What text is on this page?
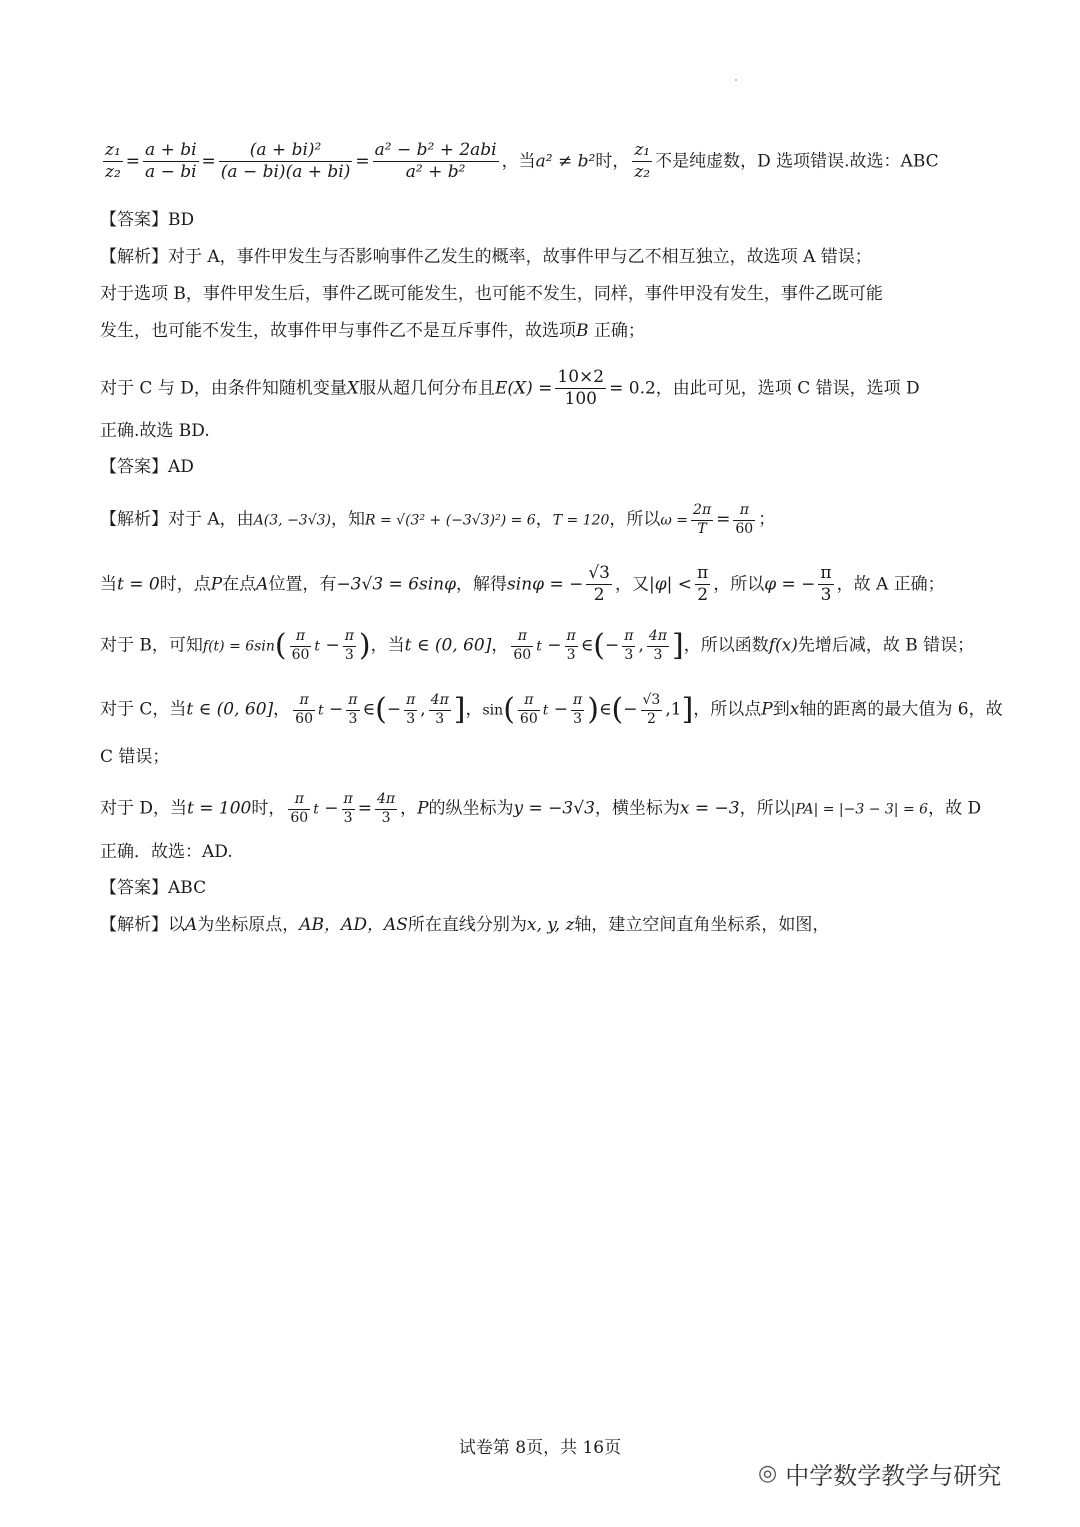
$\frac{\text{z₁}}{\text{z₂}} = \frac{a + bi}{a - bi} = \frac{\text{(a + bi)²}}{(a - bi)(a + bi)} = \frac{\text{a² − b² + 2abi}}{\text{a² + b²}}$ ，当a² ≠ b²时， $\frac{\text{z₁}}{\text{z₂}}$ 不是纯虚数，D 选项错误.故选：ABC
【答案】BD
【解析】对于 A，事件甲发生与否影响事件乙发生的概率，故事件甲与乙不相互独立，故选项 A 错误；
对于选项 B，事件甲发生后，事件乙既可能发生，也可能不发生，同样，事件甲没有发生，事件乙既可能
发生，也可能不发生，故事件甲与事件乙不是互斥事件，故选项B 正确；
对于 C 与 D，由条件知随机变量X服从超几何分布且$E(X) = \frac{10\times 2}{100} = 0.2$，由此可见，选项 C 错误，选项 D
正确.故选 BD.
【答案】AD
【解析】对于 A，由A(3, −3√3)，知R = √(3² + (−3√3)²) = 6，T = 120，所以$\omega = \frac{2\pi}{T} = \frac{\pi}{60}$ ；
当t = 0时，点P在点A位置，有−3√3 = 6sinφ，解得sinφ = − $\frac{√3}{2}$ ，又$|\varphi| < \frac{\pi}{2}$ ，所以φ = − $\frac{\pi}{3}$ ，故 A 正确；
对于 B，可知$f(t) = 6\sin( \frac{\pi}{60}$ $t - \frac{\pi}{3}$ )，当t ∈ (0, 60]， $\frac{\pi}{60}$ $t - \frac{\pi}{3}$ ∈(− $\frac{\pi}{3}$ , $\frac{4\pi}{3}$ ]，所以函数f(x)先增后减，故 B 错误；
对于 C，当t ∈ (0, 60]， $\frac{\pi}{60}$ $t - \frac{\pi}{3}$ ∈(− $\frac{\pi}{3}$ , $\frac{4\pi}{3}$ ]，$\sin( \frac{\pi}{60}$ $t - \frac{\pi}{3}$ )∈(− $\frac{√3}{2} ,1$]，所以点P到x轴的距离的最大值为 6，故
C 错误；
对于 D，当t = 100时， $\frac{\pi}{60}$ $t - \frac{\pi}{3} = \frac{4\pi}{3}$ ，P的纵坐标为y = −3√3，横坐标为x = −3，所以|PA| = |−3 − 3| = 6，故 D
正确．故选：AD.
【答案】ABC
【解析】以A为坐标原点，AB，AD，AS所在直线分别为x, y, z轴，建立空间直角坐标系，如图，
试卷第 8页，共 16页
◎ 中学数学教学与研究
